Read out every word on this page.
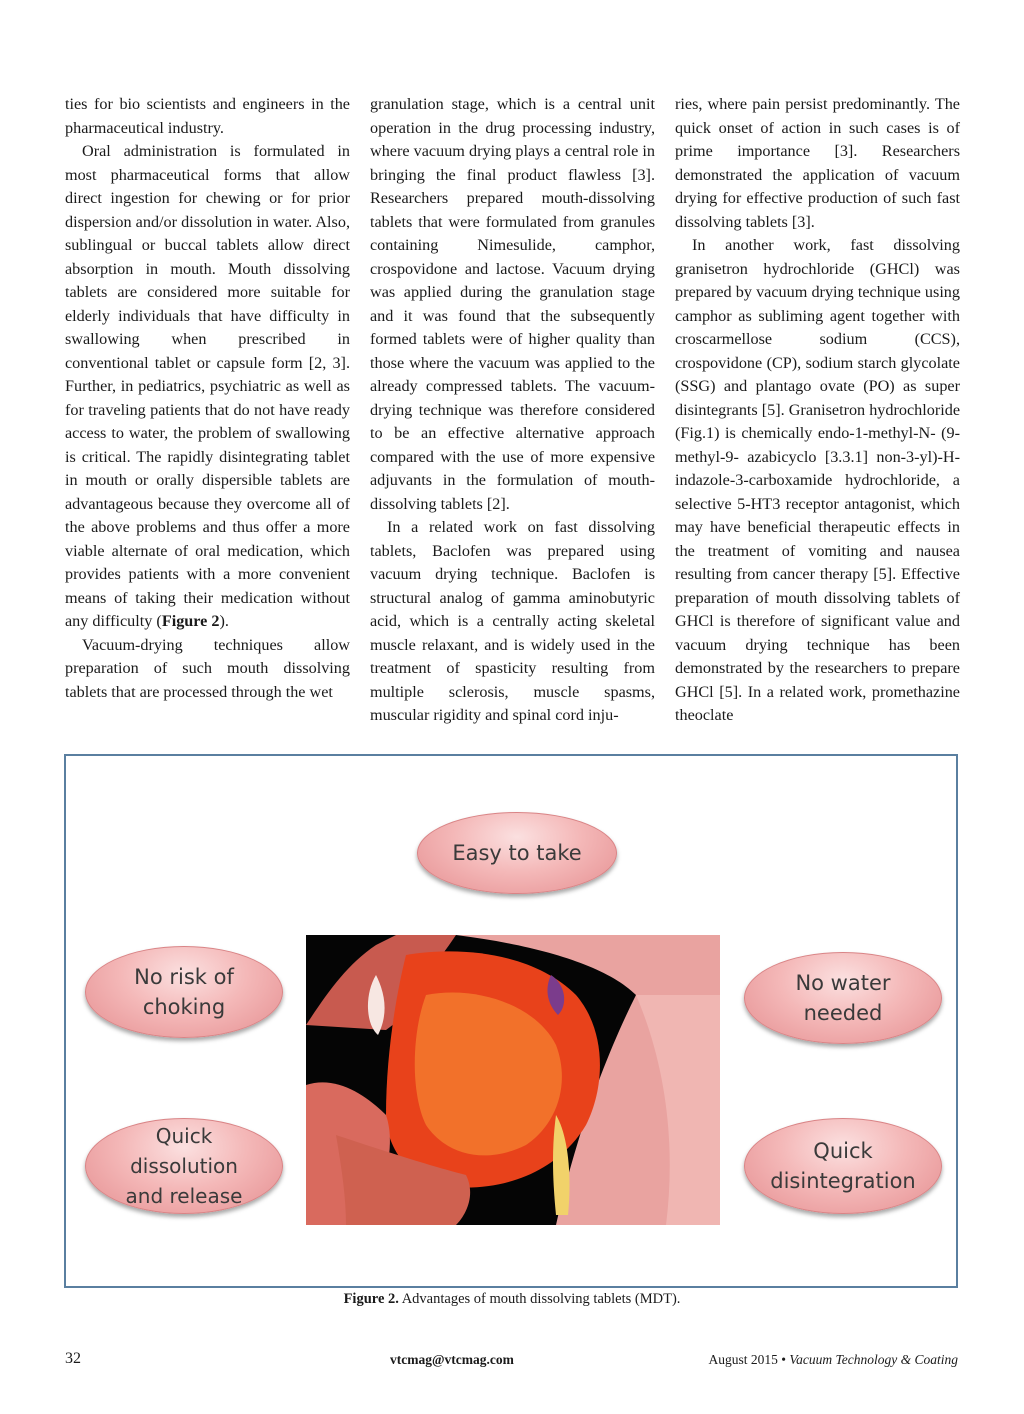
ties for bio scientists and engineers in the pharmaceutical industry.

Oral administration is formulated in most pharmaceutical forms that allow direct ingestion for chewing or for prior dispersion and/or dissolution in water. Also, sublingual or buccal tablets allow direct absorption in mouth. Mouth dissolving tablets are considered more suitable for elderly individuals that have difficulty in swallowing when prescribed in conventional tablet or capsule form [2, 3]. Further, in pediatrics, psychiatric as well as for traveling patients that do not have ready access to water, the problem of swallowing is critical. The rapidly disintegrating tablet in mouth or orally dispersible tablets are advantageous because they overcome all of the above problems and thus offer a more viable alternate of oral medication, which provides patients with a more convenient means of taking their medication without any difficulty (Figure 2).

Vacuum-drying techniques allow preparation of such mouth dissolving tablets that are processed through the wet

granulation stage, which is a central unit operation in the drug processing industry, where vacuum drying plays a central role in bringing the final product flawless [3]. Researchers prepared mouth-dissolving tablets that were formulated from granules containing Nimesulide, camphor, crospovidone and lactose. Vacuum drying was applied during the granulation stage and it was found that the subsequently formed tablets were of higher quality than those where the vacuum was applied to the already compressed tablets. The vacuum-drying technique was therefore considered to be an effective alternative approach compared with the use of more expensive adjuvants in the formulation of mouth-dissolving tablets [2].

In a related work on fast dissolving tablets, Baclofen was prepared using vacuum drying technique. Baclofen is structural analog of gamma aminobutyric acid, which is a centrally acting skeletal muscle relaxant, and is widely used in the treatment of spasticity resulting from multiple sclerosis, muscle spasms, muscular rigidity and spinal cord inju-

ries, where pain persist predominantly. The quick onset of action in such cases is of prime importance [3]. Researchers demonstrated the application of vacuum drying for effective production of such fast dissolving tablets [3].

In another work, fast dissolving granisetron hydrochloride (GHCl) was prepared by vacuum drying technique using camphor as subliming agent together with croscarmellose sodium (CCS), crospovidone (CP), sodium starch glycolate (SSG) and plantago ovate (PO) as super disintegrants [5]. Granisetron hydrochloride (Fig.1) is chemically endo-1-methyl-N- (9-methyl-9- azabicyclo [3.3.1] non-3-yl)-H-indazole-3-carboxamide hydrochloride, a selective 5-HT3 receptor antagonist, which may have beneficial therapeutic effects in the treatment of vomiting and nausea resulting from cancer therapy [5]. Effective preparation of mouth dissolving tablets of GHCl is therefore of significant value and vacuum drying technique has been demonstrated by the researchers to prepare GHCl [5]. In a related work, promethazine theoclate

Easy to take
No risk of
choking
Quick dissolution
and release
No water
needed
Quick
disintegration
Figure 2. Advantages of mouth dissolving tablets (MDT).
32	vtcmag@vtcmag.com	August 2015 • Vacuum Technology & Coating
